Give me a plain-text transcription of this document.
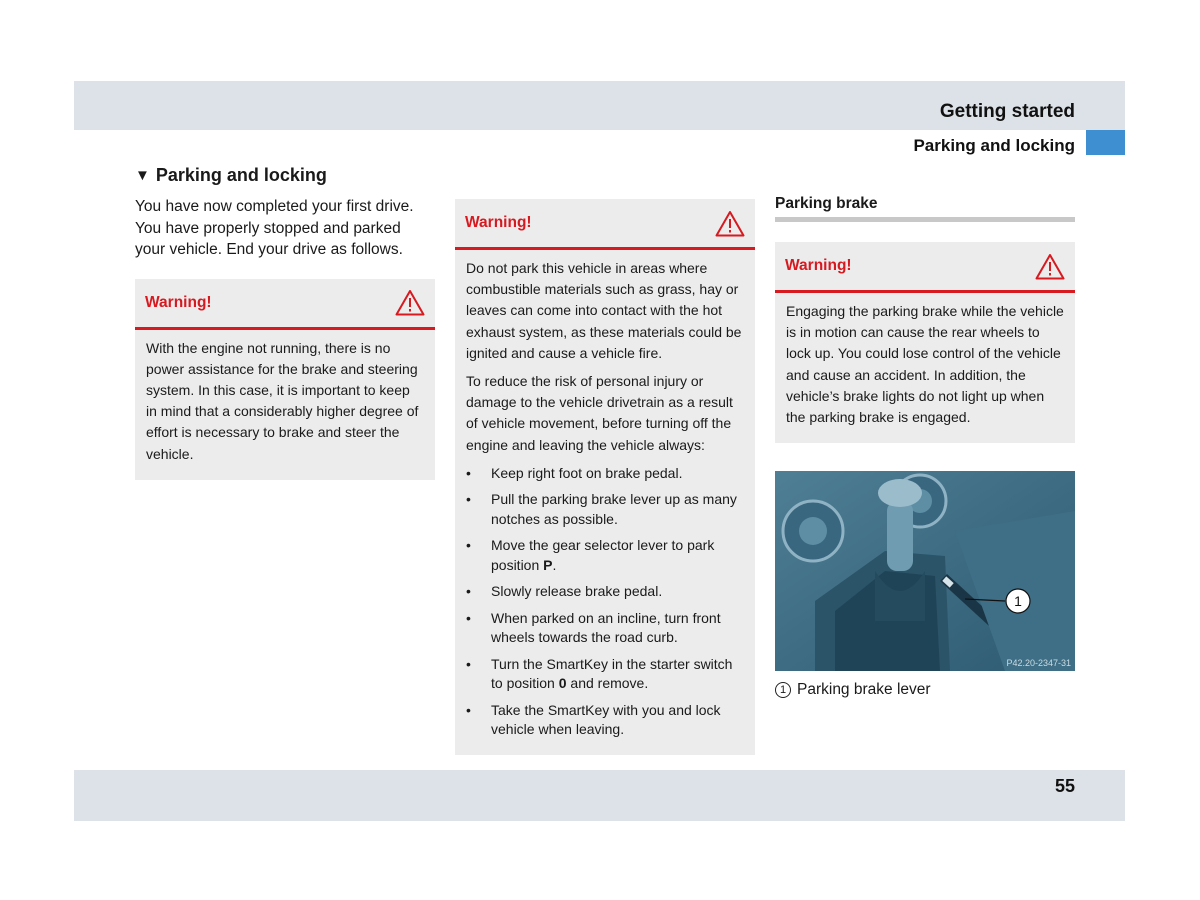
Getting started
Parking and locking
▼ Parking and locking

You have now completed your first drive. You have properly stopped and parked your vehicle. End your drive as follows.

Warning!

With the engine not running, there is no power assistance for the brake and steering system. In this case, it is important to keep in mind that a considerably higher degree of effort is necessary to brake and steer the vehicle.

Warning!

Do not park this vehicle in areas where combustible materials such as grass, hay or leaves can come into contact with the hot exhaust system, as these materials could be ignited and cause a vehicle fire.

To reduce the risk of personal injury or damage to the vehicle drivetrain as a result of vehicle movement, before turning off the engine and leaving the vehicle always:

• Keep right foot on brake pedal.
• Pull the parking brake lever up as many notches as possible.
• Move the gear selector lever to park position P.
• Slowly release brake pedal.
• When parked on an incline, turn front wheels towards the road curb.
• Turn the SmartKey in the starter switch to position 0 and remove.
• Take the SmartKey with you and lock vehicle when leaving.
Parking brake
Warning!

Engaging the parking brake while the vehicle is in motion can cause the rear wheels to lock up. You could lose control of the vehicle and cause an accident. In addition, the vehicle’s brake lights do not light up when the parking brake is engaged.

1
P42.20-2347-31
1 Parking brake lever
55
